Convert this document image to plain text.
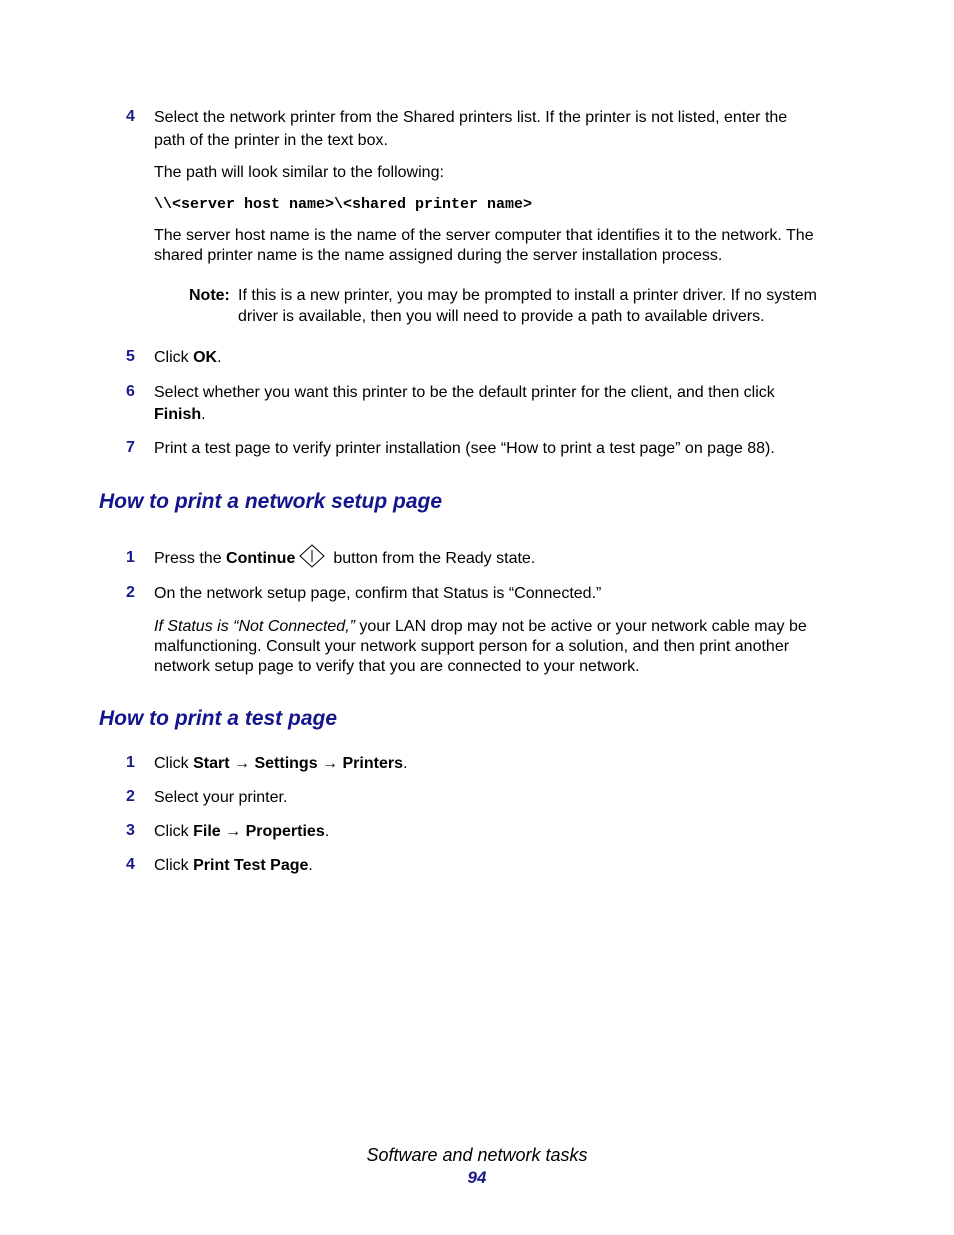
4 Select the network printer from the Shared printers list. If the printer is not listed, enter the
path of the printer in the text box.
The path will look similar to the following:
\\<server host name>\<shared printer name>
The server host name is the name of the server computer that identifies it to the network. The
shared printer name is the name assigned during the server installation process.
Note: If this is a new printer, you may be prompted to install a printer driver. If no system
driver is available, then you will need to provide a path to available drivers.
5 Click OK.
6 Select whether you want this printer to be the default printer for the client, and then click
Finish.
7 Print a test page to verify printer installation (see “How to print a test page” on page 88).
How to print a network setup page
1 Press the Continue button from the Ready state.
2 On the network setup page, confirm that Status is “Connected.”
If Status is “Not Connected,” your LAN drop may not be active or your network cable may be
malfunctioning. Consult your network support person for a solution, and then print another
network setup page to verify that you are connected to your network.
How to print a test page
1 Click Start → Settings → Printers.
2 Select your printer.
3 Click File → Properties.
4 Click Print Test Page.
Software and network tasks
94
